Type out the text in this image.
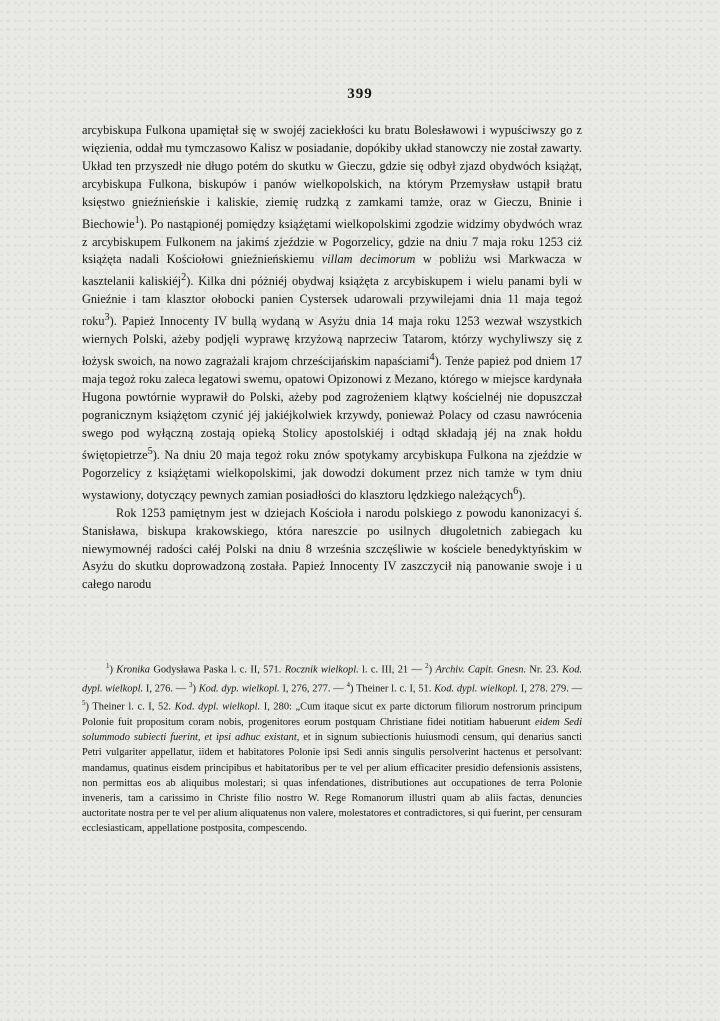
399

arcybiskupa Fulkona upamiętał się w swojéj zaciekłości ku bratu Bolesławowi i wypuściwszy go z więzienia, oddał mu tymczasowo Kalisz w posiadanie, dopókiby układ stanowczy nie został zawarty. Układ ten przyszedł nie długo potém do skutku w Gieczu, gdzie się odbył zjazd obydwóch książąt, arcybiskupa Fulkona, biskupów i panów wielkopolskich, na którym Przemysław ustąpił bratu księstwo gnieźnieńskie i kaliskie, ziemię rudzką z zamkami tamże, oraz w Gieczu, Bninie i Biechowie$^1$). Po nastąpionéj pomiędzy książętami wielkopolskimi zgodzie widzimy obydwóch wraz z arcybiskupem Fulkonem na jakimś zjeździe w Pogorzelicy, gdzie na dniu 7 maja roku 1253 ciż książęta nadali Kościołowi gnieźnieńskiemu villam decimorum w pobliżu wsi Markwacza w kasztelanii kaliskiéj$^2$). Kilka dni póżniéj obydwaj książęta z arcybiskupem i wielu panami byli w Gnieźnie i tam klasztor ołobocki panien Cystersek udarowali przywilejami dnia 11 maja tegoż roku$^3$). Papież Innocenty IV bullą wydaną w Asyżu dnia 14 maja roku 1253 wezwał wszystkich wiernych Polski, ażeby podjęli wyprawę krzyżową naprzeciw Tatarom, którzy wychyliwszy się z łożysk swoich, na nowo zagrażali krajom chrześcijańskim napaściami$^4$). Tenże papież pod dniem 17 maja tegoż roku zaleca legatowi swemu, opatowi Opizonowi z Mezano, którego w miejsce kardynała Hugona powtórnie wyprawił do Polski, ażeby pod zagrożeniem klątwy kościelnéj nie dopuszczał pogranicznym książętom czynić jéj jakiéjkolwiek krzywdy, ponieważ Polacy od czasu nawrócenia swego pod wyłączną zostają opieką Stolicy apostolskiéj i odtąd składają jéj na znak hołdu świętopietrze$^5$). Na dniu 20 maja tegoż roku znów spotykamy arcybiskupa Fulkona na zjeździe w Pogorzelicy z książętami wielkopolskimi, jak dowodzi dokument przez nich tamże w tym dniu wystawiony, dotyczący pewnych zamian posiadłości do klasztoru lędzkiego należących$^6$).

Rok 1253 pamiętnym jest w dziejach Kościoła i narodu polskiego z powodu kanonizacyi ś. Stanisława, biskupa krakowskiego, która nareszcie po usilnych długoletnich zabiegach ku niewymownéj radości całéj Polski na dniu 8 września szczęśliwie w kościele benedyktyńskim w Asyżu do skutku doprowadzoną została. Papież Innocenty IV zaszczycił nią panowanie swoje i u całego narodu

$^1$) Kronika Godysława Paska l. c. II, 571. Rocznik wielkopl. l. c. III, 21 — $^2$) Archiv. Capit. Gnesn. Nr. 23. Kod. dypl. wielkopl. I, 276. — $^3$) Kod. dyp. wielkopl. I, 276, 277. — $^4$) Theiner l. c. I, 51. Kod. dypl. wielkopl. I, 278. 279. — $^5$) Theiner l. c. I, 52. Kod. dypl. wielkopl. I, 280: „Cum itaque sicut ex parte dictorum filiorum nostrorum principum Polonie fuit propositum coram nobis, progenitores eorum postquam Christiane fidei notitiam habuerunt eidem Sedi solummodo subiecti fuerint, et ipsi adhuc existant, et in signum subiectionis huiusmodi censum, qui denarius sancti Petri vulgariter appellatur, iidem et habitatores Polonie ipsi Sedi annis singulis persolverint hactenus et persolvant: mandamus, quatinus eisdem principibus et habitatoribus per te vel per alium efficaciter presidio defensionis assistens, non permittas eos ab aliquibus molestari; si quas infendationes, distributiones aut occupationes de terra Polonie inveneris, tam a carissimo in Christe filio nostro W. Rege Romanorum illustri quam ab aliis factas, denuncies auctoritate nostra per te vel per alium aliquatenus non valere, molestatores et contradictores, si qui fuerint, per censuram ecclesiasticam, appellatione postposita, compescendo.
